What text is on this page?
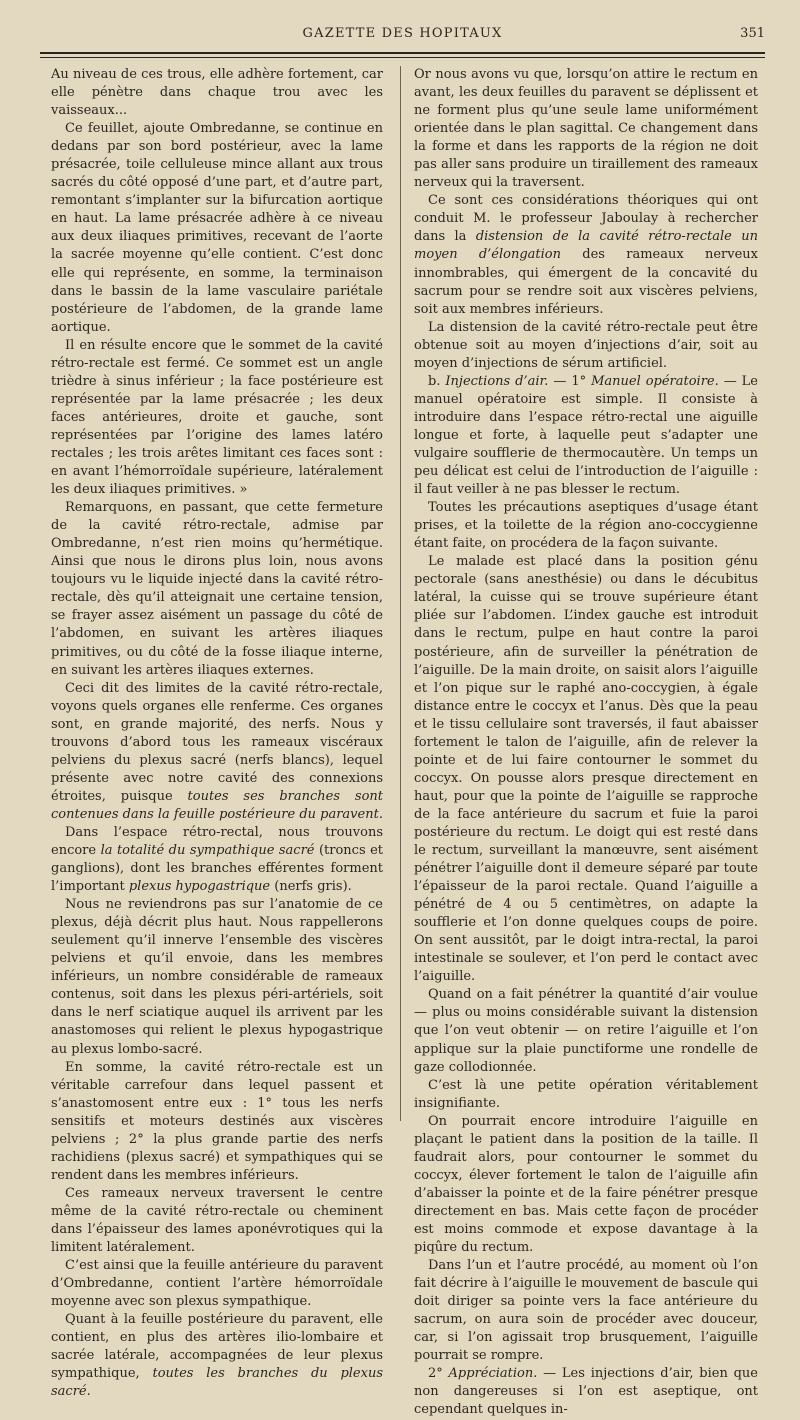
GAZETTE DES HOPITAUX	351

Au niveau de ces trous, elle adhère fortement, car elle pénètre dans chaque trou avec les vaisseaux...

Ce feuillet, ajoute Ombredanne, se continue en dedans par son bord postérieur, avec la lame présacrée, toile celluleuse mince allant aux trous sacrés du côté opposé d’une part, et d’autre part, remontant s’implanter sur la bifurcation aortique en haut. La lame présacrée adhère à ce niveau aux deux iliaques primitives, recevant de l’aorte la sacrée moyenne qu’elle contient. C’est donc elle qui représente, en somme, la terminaison dans le bassin de la lame vasculaire pariétale postérieure de l’abdomen, de la grande lame aortique.

Il en résulte encore que le sommet de la cavité rétro-rectale est fermé. Ce sommet est un angle trièdre à sinus inférieur ; la face postérieure est représentée par la lame présacrée ; les deux faces antérieures, droite et gauche, sont représentées par l’origine des lames latéro rectales ; les trois arêtes limitant ces faces sont : en avant l’hémorroïdale supérieure, latéralement les deux iliaques primitives. »

Remarquons, en passant, que cette fermeture de la cavité rétro-rectale, admise par Ombredanne, n’est rien moins qu’hermétique. Ainsi que nous le dirons plus loin, nous avons toujours vu le liquide injecté dans la cavité rétro-rectale, dès qu’il atteignait une certaine tension, se frayer assez aisément un passage du côté de l’abdomen, en suivant les artères iliaques primitives, ou du côté de la fosse iliaque interne, en suivant les artères iliaques externes.

Ceci dit des limites de la cavité rétro-rectale, voyons quels organes elle renferme. Ces organes sont, en grande majorité, des nerfs. Nous y trouvons d’abord tous les rameaux viscéraux pelviens du plexus sacré (nerfs blancs), lequel présente avec notre cavité des connexions étroites, puisque toutes ses branches sont contenues dans la feuille postérieure du paravent.

Dans l’espace rétro-rectal, nous trouvons encore la totalité du sympathique sacré (troncs et ganglions), dont les branches efférentes forment l’important plexus hypogastrique (nerfs gris).

Nous ne reviendrons pas sur l’anatomie de ce plexus, déjà décrit plus haut. Nous rappellerons seulement qu’il innerve l’ensemble des viscères pelviens et qu’il envoie, dans les membres inférieurs, un nombre considérable de rameaux contenus, soit dans les plexus péri-artériels, soit dans le nerf sciatique auquel ils arrivent par les anastomoses qui relient le plexus hypogastrique au plexus lombo-sacré.

En somme, la cavité rétro-rectale est un véritable carrefour dans lequel passent et s’anastomosent entre eux : 1° tous les nerfs sensitifs et moteurs destinés aux viscères pelviens ; 2° la plus grande partie des nerfs rachidiens (plexus sacré) et sympathiques qui se rendent dans les membres inférieurs.

Ces rameaux nerveux traversent le centre même de la cavité rétro-rectale ou cheminent dans l’épaisseur des lames aponévrotiques qui la limitent latéralement.

C’est ainsi que la feuille antérieure du paravent d’Ombredanne, contient l’artère hémorroïdale moyenne avec son plexus sympathique.

Quant à la feuille postérieure du paravent, elle contient, en plus des artères ilio-lombaire et sacrée latérale, accompagnées de leur plexus sympathique, toutes les branches du plexus sacré.

Or nous avons vu que, lorsqu’on attire le rectum en avant, les deux feuilles du paravent se déplissent et ne forment plus qu’une seule lame uniformément orientée dans le plan sagittal. Ce changement dans la forme et dans les rapports de la région ne doit pas aller sans produire un tiraillement des rameaux nerveux qui la traversent.

Ce sont ces considérations théoriques qui ont conduit M. le professeur Jaboulay à rechercher dans la distension de la cavité rétro-rectale un moyen d’élongation des rameaux nerveux innombrables, qui émergent de la concavité du sacrum pour se rendre soit aux viscères pelviens, soit aux membres inférieurs.

La distension de la cavité rétro-rectale peut être obtenue soit au moyen d’injections d’air, soit au moyen d’injections de sérum artificiel.

b. Injections d’air. — 1° Manuel opératoire. — Le manuel opératoire est simple. Il consiste à introduire dans l’espace rétro-rectal une aiguille longue et forte, à laquelle peut s’adapter une vulgaire soufflerie de thermocautère. Un temps un peu délicat est celui de l’introduction de l’aiguille : il faut veiller à ne pas blesser le rectum.

Toutes les précautions aseptiques d’usage étant prises, et la toilette de la région ano-coccygienne étant faite, on procédera de la façon suivante.

Le malade est placé dans la position génu pectorale (sans anesthésie) ou dans le décubitus latéral, la cuisse qui se trouve supérieure étant pliée sur l’abdomen. L’index gauche est introduit dans le rectum, pulpe en haut contre la paroi postérieure, afin de surveiller la pénétration de l’aiguille. De la main droite, on saisit alors l’aiguille et l’on pique sur le raphé ano-coccygien, à égale distance entre le coccyx et l’anus. Dès que la peau et le tissu cellulaire sont traversés, il faut abaisser fortement le talon de l’aiguille, afin de relever la pointe et de lui faire contourner le sommet du coccyx. On pousse alors presque directement en haut, pour que la pointe de l’aiguille se rapproche de la face antérieure du sacrum et fuie la paroi postérieure du rectum. Le doigt qui est resté dans le rectum, surveillant la manœuvre, sent aisément pénétrer l’aiguille dont il demeure séparé par toute l’épaisseur de la paroi rectale. Quand l’aiguille a pénétré de 4 ou 5 centimètres, on adapte la soufflerie et l’on donne quelques coups de poire. On sent aussitôt, par le doigt intra-rectal, la paroi intestinale se soulever, et l’on perd le contact avec l’aiguille.

Quand on a fait pénétrer la quantité d’air voulue — plus ou moins considérable suivant la distension que l’on veut obtenir — on retire l’aiguille et l’on applique sur la plaie punctiforme une rondelle de gaze collodionnée.

C’est là une petite opération véritablement insignifiante.

On pourrait encore introduire l’aiguille en plaçant le patient dans la position de la taille. Il faudrait alors, pour contourner le sommet du coccyx, élever fortement le talon de l’aiguille afin d’abaisser la pointe et de la faire pénétrer presque directement en bas. Mais cette façon de procéder est moins commode et expose davantage à la piqûre du rectum.

Dans l’un et l’autre procédé, au moment où l’on fait décrire à l’aiguille le mouvement de bascule qui doit diriger sa pointe vers la face antérieure du sacrum, on aura soin de procéder avec douceur, car, si l’on agissait trop brusquement, l’aiguille pourrait se rompre.

2° Appréciation. — Les injections d’air, bien que non dangereuses si l’on est aseptique, ont cependant quelques in-
